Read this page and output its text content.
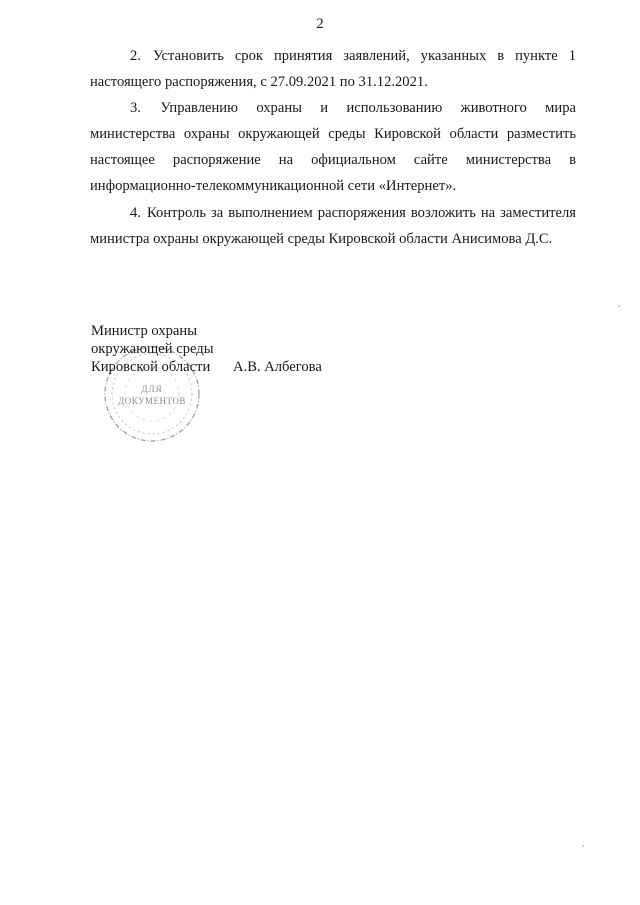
2

2. Установить срок принятия заявлений, указанных в пункте 1 настоящего распоряжения, с 27.09.2021 по 31.12.2021.

3. Управлению охраны и использованию животного мира министерства охраны окружающей среды Кировской области разместить настоящее распоряжение на официальном сайте министерства в информационно-телекоммуникационной сети «Интернет».

4. Контроль за выполнением распоряжения возложить на заместителя министра охраны окружающей среды Кировской области Анисимова Д.С.

ДЛЯ
ДОКУМЕНТОВ
Министр охраны
окружающей среды
Кировской области А.В. Албегова
